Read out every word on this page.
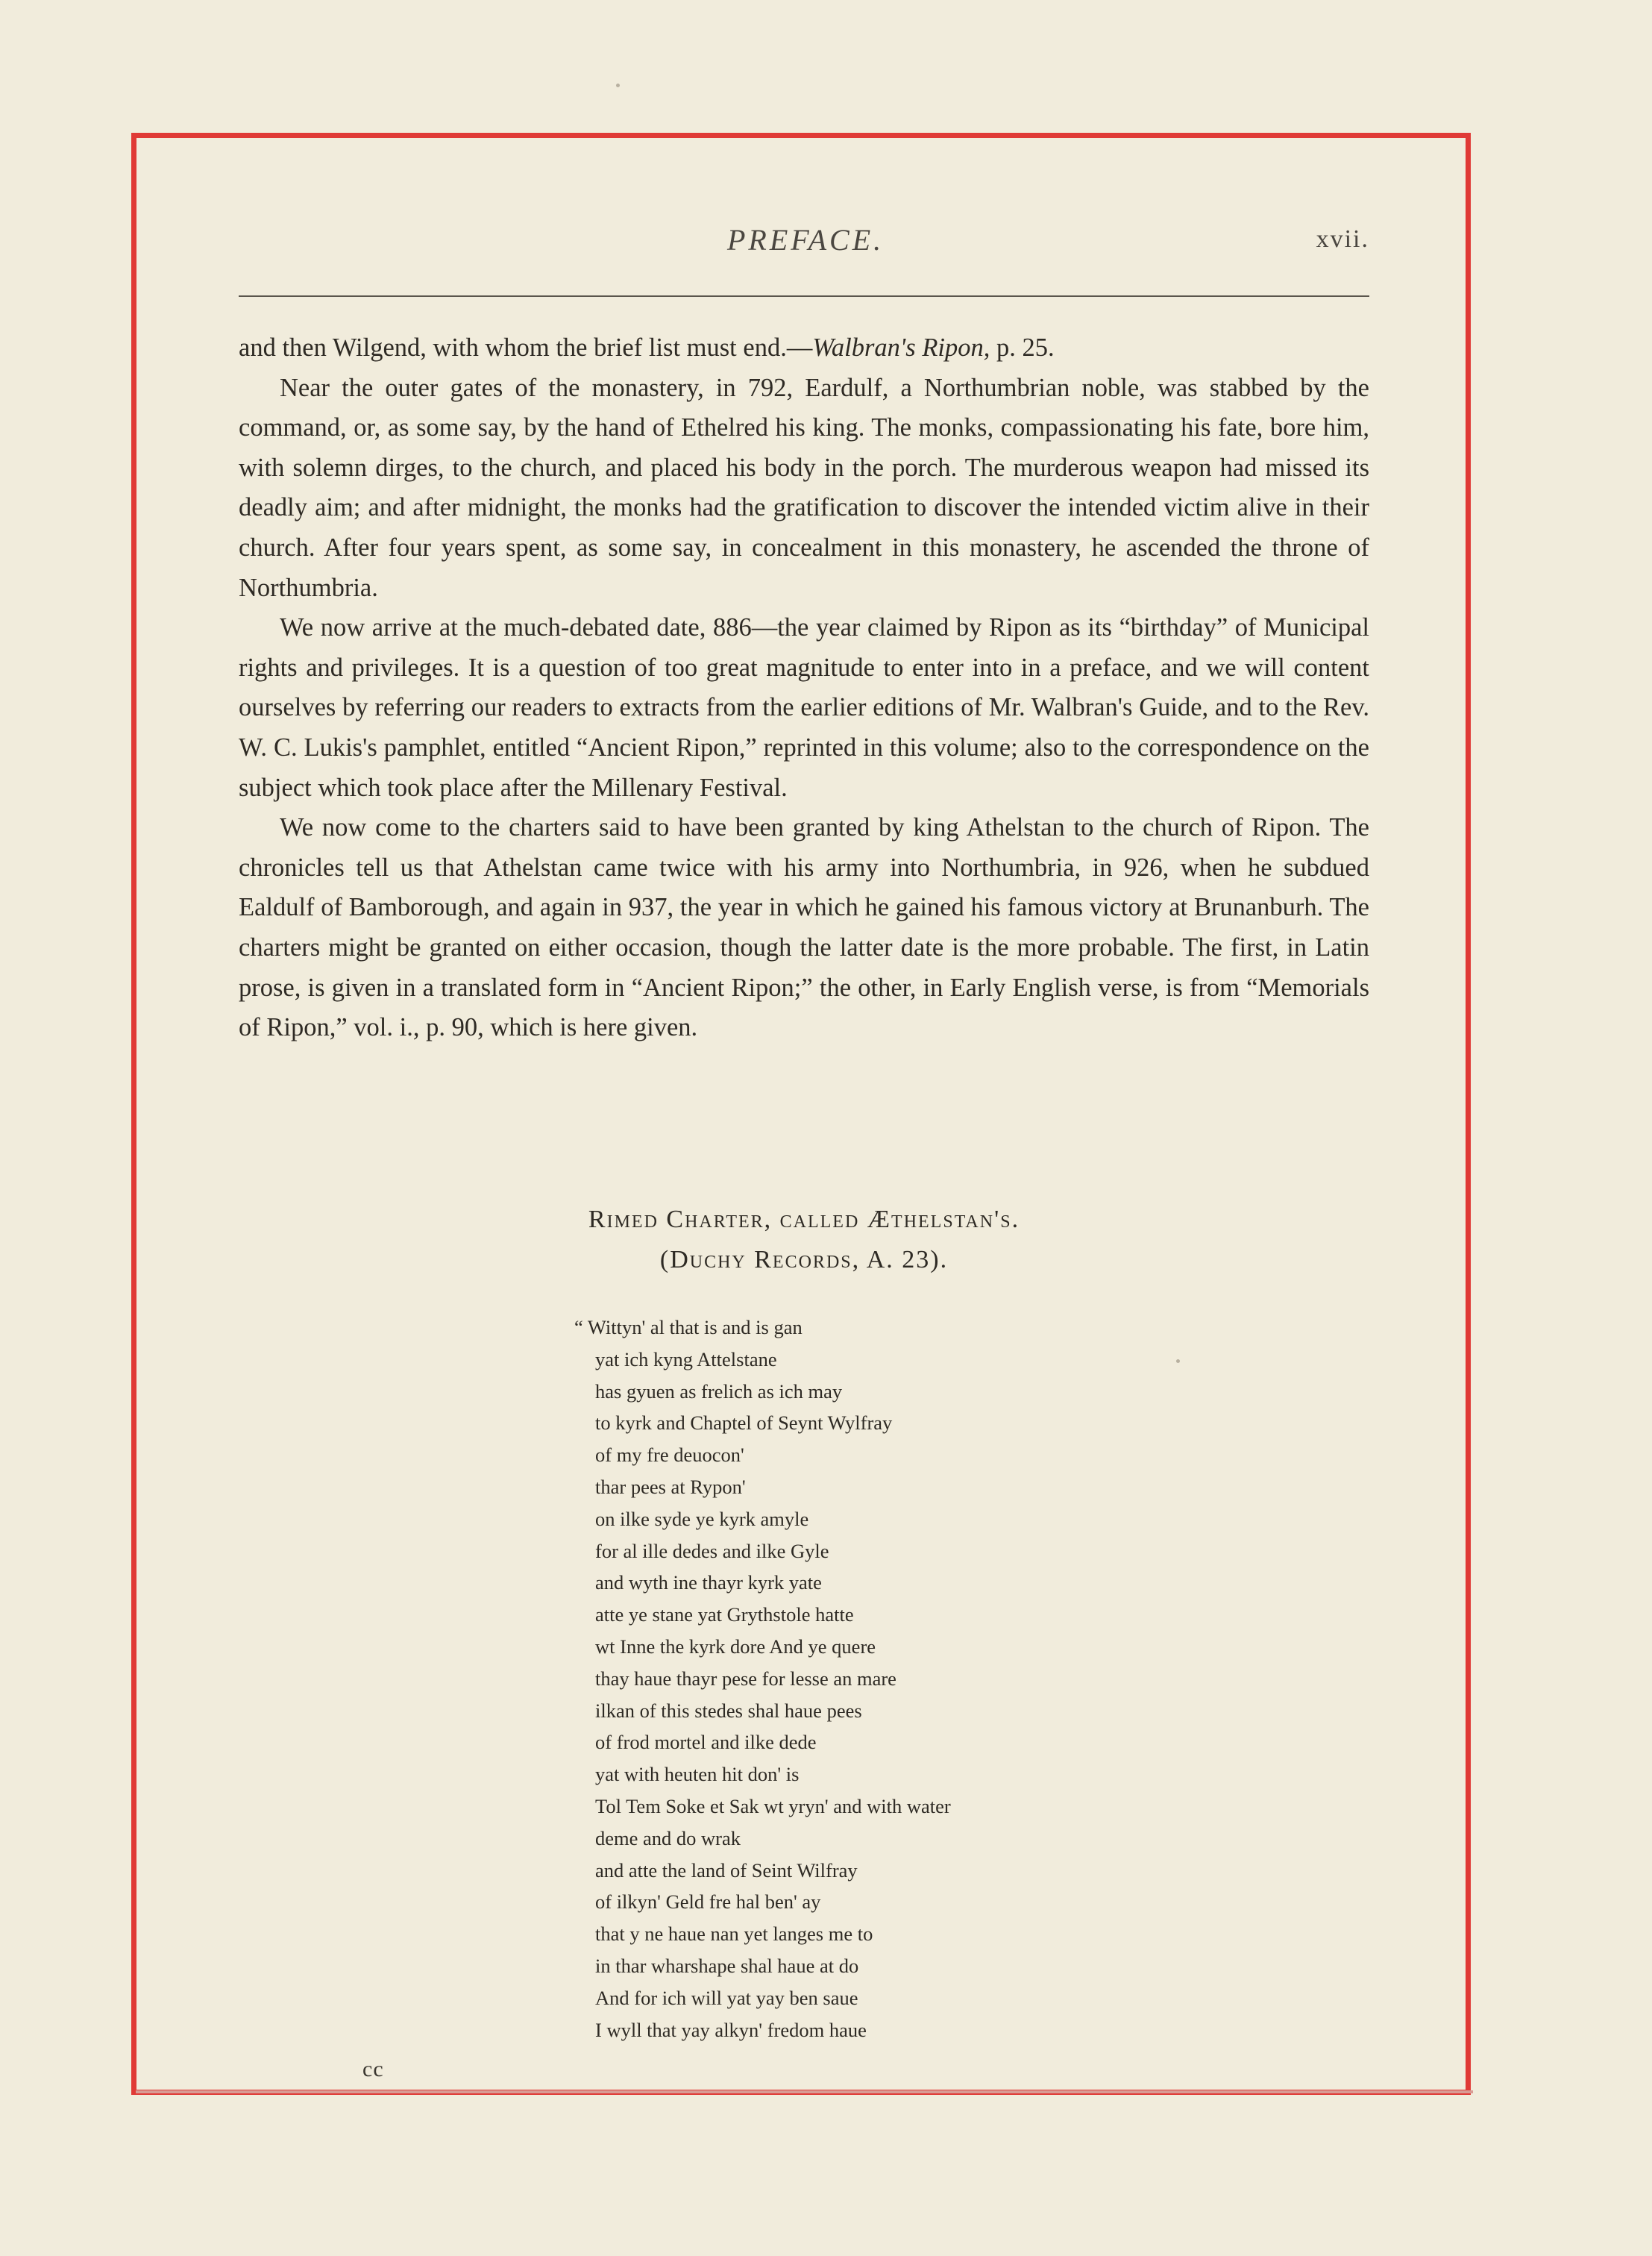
PREFACE.	xvii.

and then Wilgend, with whom the brief list must end.—Walbran's Ripon, p. 25.

Near the outer gates of the monastery, in 792, Eardulf, a Northumbrian noble, was stabbed by the command, or, as some say, by the hand of Ethelred his king. The monks, compassionating his fate, bore him, with solemn dirges, to the church, and placed his body in the porch. The murderous weapon had missed its deadly aim; and after midnight, the monks had the gratification to discover the intended victim alive in their church. After four years spent, as some say, in concealment in this monastery, he ascended the throne of Northumbria.

We now arrive at the much-debated date, 886—the year claimed by Ripon as its “birthday” of Municipal rights and privileges. It is a question of too great magnitude to enter into in a preface, and we will content ourselves by referring our readers to extracts from the earlier editions of Mr. Walbran's Guide, and to the Rev. W. C. Lukis's pamphlet, entitled “Ancient Ripon,” reprinted in this volume; also to the correspondence on the subject which took place after the Millenary Festival.

We now come to the charters said to have been granted by king Athelstan to the church of Ripon. The chronicles tell us that Athelstan came twice with his army into Northumbria, in 926, when he subdued Ealdulf of Bamborough, and again in 937, the year in which he gained his famous victory at Brunanburh. The charters might be granted on either occasion, though the latter date is the more probable. The first, in Latin prose, is given in a translated form in “Ancient Ripon;” the other, in Early English verse, is from “Memorials of Ripon,” vol. i., p. 90, which is here given.

Rimed Charter, called Æthelstan's.
(Duchy Records, A. 23).
“ Wittyn' al that is and is gan
yat ich kyng Attelstane
has gyuen as frelich as ich may
to kyrk and Chaptel of Seynt Wylfray
of my fre deuocon'
thar pees at Rypon'
on ilke syde ye kyrk amyle
for al ille dedes and ilke Gyle
and wyth ine thayr kyrk yate
atte ye stane yat Grythstole hatte
wt Inne the kyrk dore And ye quere
thay haue thayr pese for lesse an mare
ilkan of this stedes shal haue pees
of frod mortel and ilke dede
yat with heuten hit don' is
Tol Tem Soke et Sak wt yryn' and with water
deme and do wrak
and atte the land of Seint Wilfray
of ilkyn' Geld fre hal ben' ay
that y ne haue nan yet langes me to
in thar wharshape shal haue at do
And for ich will yat yay ben saue
I wyll that yay alkyn' fredom haue
cc
